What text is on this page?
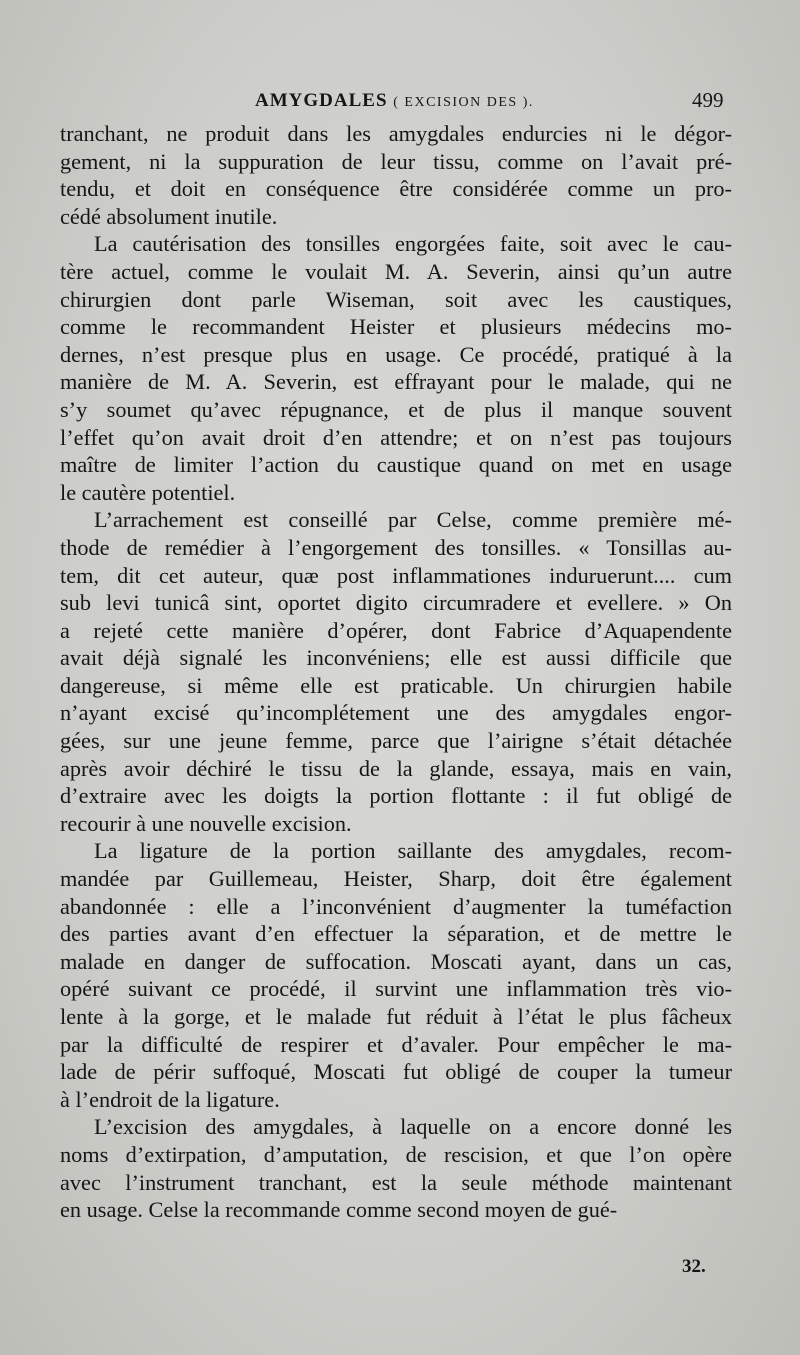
AMYGDALES ( EXCISION DES ).	499
tranchant, ne produit dans les amygdales endurcies ni le dégor-
gement, ni la suppuration de leur tissu, comme on l’avait pré-
tendu, et doit en conséquence être considérée comme un pro-
cédé absolument inutile.
La cautérisation des tonsilles engorgées faite, soit avec le cau-
tère actuel, comme le voulait M. A. Severin, ainsi qu’un autre
chirurgien dont parle Wiseman, soit avec les caustiques,
comme le recommandent Heister et plusieurs médecins mo-
dernes, n’est presque plus en usage. Ce procédé, pratiqué à la
manière de M. A. Severin, est effrayant pour le malade, qui ne
s’y soumet qu’avec répugnance, et de plus il manque souvent
l’effet qu’on avait droit d’en attendre; et on n’est pas toujours
maître de limiter l’action du caustique quand on met en usage
le cautère potentiel.
L’arrachement est conseillé par Celse, comme première mé-
thode de remédier à l’engorgement des tonsilles. « Tonsillas au-
tem, dit cet auteur, quæ post inflammationes induruerunt.... cum
sub levi tunicâ sint, oportet digito circumradere et evellere. » On
a rejeté cette manière d’opérer, dont Fabrice d’Aquapendente
avait déjà signalé les inconvéniens; elle est aussi difficile que
dangereuse, si même elle est praticable. Un chirurgien habile
n’ayant excisé qu’incomplétement une des amygdales engor-
gées, sur une jeune femme, parce que l’airigne s’était détachée
après avoir déchiré le tissu de la glande, essaya, mais en vain,
d’extraire avec les doigts la portion flottante : il fut obligé de
recourir à une nouvelle excision.
La ligature de la portion saillante des amygdales, recom-
mandée par Guillemeau, Heister, Sharp, doit être également
abandonnée : elle a l’inconvénient d’augmenter la tuméfaction
des parties avant d’en effectuer la séparation, et de mettre le
malade en danger de suffocation. Moscati ayant, dans un cas,
opéré suivant ce procédé, il survint une inflammation très vio-
lente à la gorge, et le malade fut réduit à l’état le plus fâcheux
par la difficulté de respirer et d’avaler. Pour empêcher le ma-
lade de périr suffoqué, Moscati fut obligé de couper la tumeur
à l’endroit de la ligature.
L’excision des amygdales, à laquelle on a encore donné les
noms d’extirpation, d’amputation, de rescision, et que l’on opère
avec l’instrument tranchant, est la seule méthode maintenant
en usage. Celse la recommande comme second moyen de gué-
32.
